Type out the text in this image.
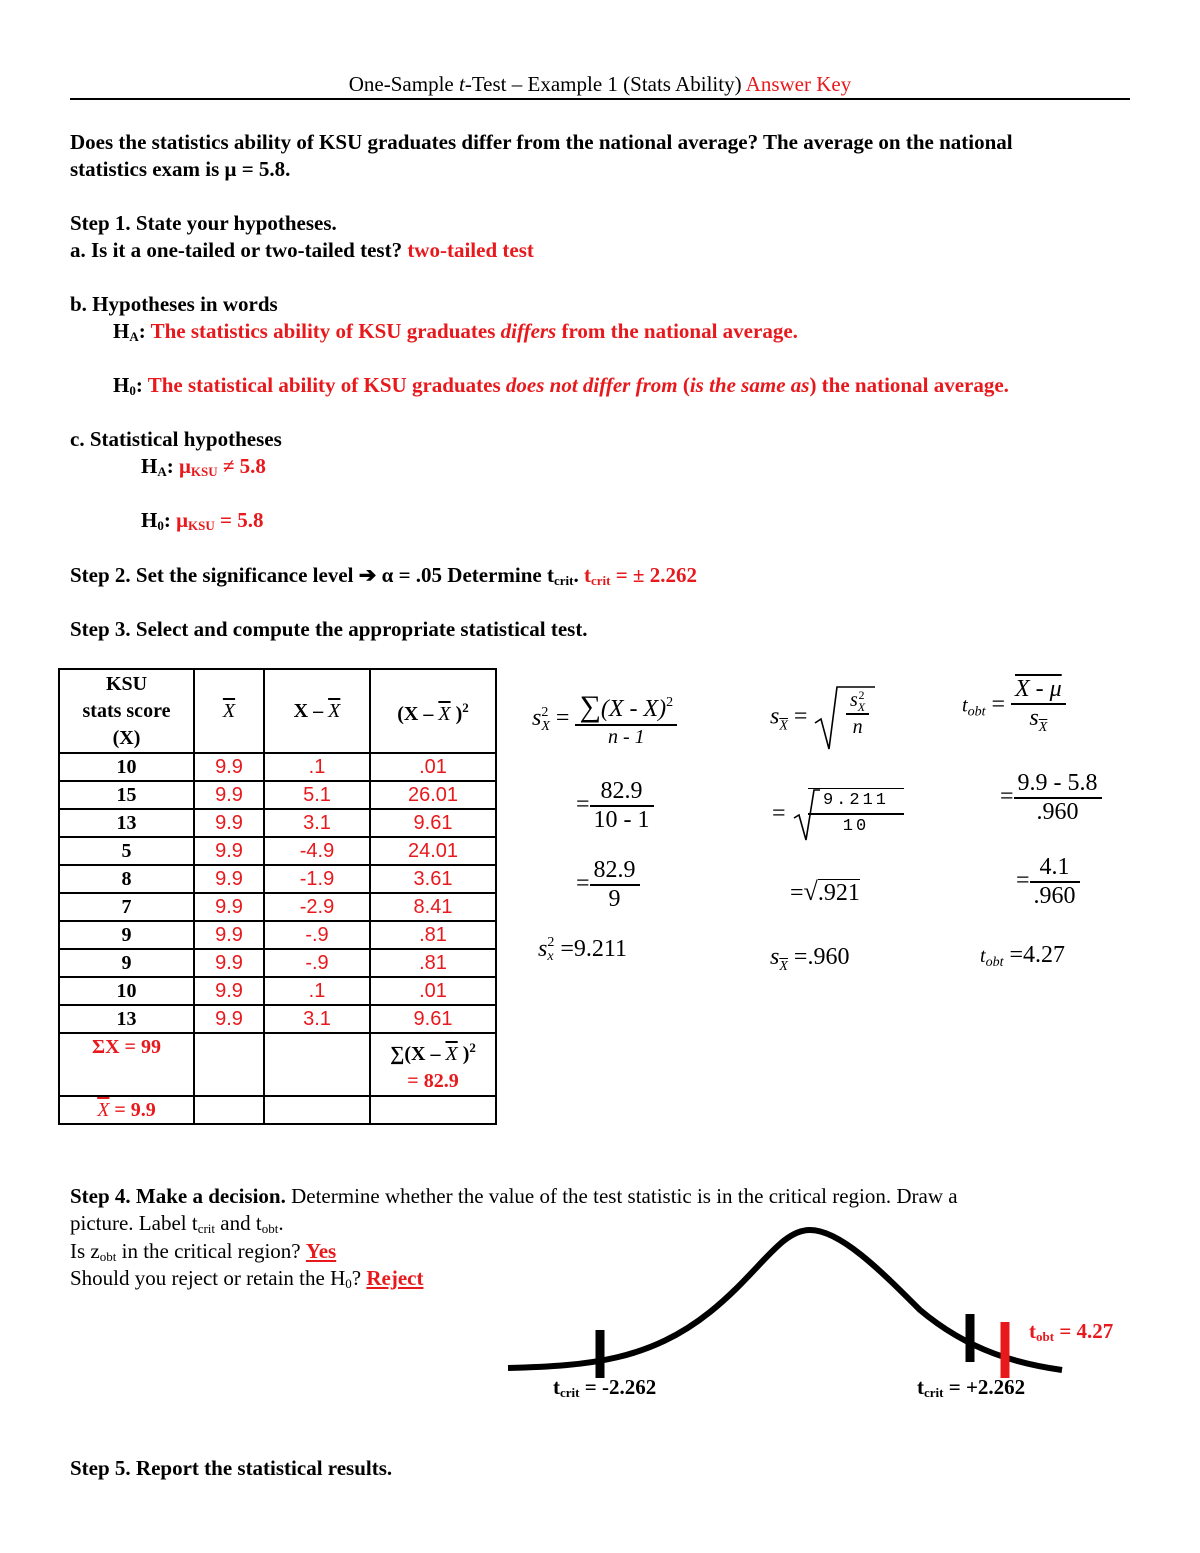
One-Sample t-Test – Example 1 (Stats Ability) Answer Key
Does the statistics ability of KSU graduates differ from the national average? The average on the national
statistics exam is μ = 5.8.
Step 1. State your hypotheses.
a. Is it a one-tailed or two-tailed test? two-tailed test
b. Hypotheses in words
$H_A$: The statistics ability of KSU graduates differs from the national average.
$H_0$: The statistical ability of KSU graduates does not differ from (is the same as) the national average.
c. Statistical hypotheses
$H_A$: $\mu_{KSU} \ne 5.8$
$H_0$: $\mu_{KSU} = 5.8$
Step 2. Set the significance level ➔ α = .05 Determine $t_{crit}$. $t_{crit}$ = ± 2.262
Step 3. Select and compute the appropriate statistical test.
KSU
stats score
(X)	$\overline{X}$	X – $\overline{X}$	($X - \overline{X}$ )$^2$
10	9.9	.1	.01
15	9.9	5.1	26.01
13	9.9	3.1	9.61
5	9.9	-4.9	24.01
8	9.9	-1.9	3.61
7	9.9	-2.9	8.41
9	9.9	-.9	.81
9	9.9	-.9	.81
10	9.9	.1	.01
13	9.9	3.1	9.61
ΣX = 99			$\sum(X - \overline{X}$ )$^2$
= 82.9
$\overline{X} = 9.9$			
s2
$X = \frac{\sum(X - X)^2}{n - 1}$
= $\frac{82.9}{10 - 1}$
= $\frac{82.9}{9}$
s2
x =9.211
$s_{\overline{X}}$ =
s2
X
n
=	$\frac{9.211}{10}$
=√.921
$s_{\overline{X}} =.960$
tobt = $\frac{X - \mu}{s_{\overline{X}}}$
= $\frac{9.9 - 5.8}{.960}$
= $\frac{4.1}{.960}$
tobt =4.27
Step 4. Make a decision. Determine whether the value of the test statistic is in the critical region. Draw a
picture. Label $t_{crit}$ and $t_{obt}$.
Is $z_{obt}$ in the critical region? Yes
Should you reject or retain the $H_0$? Reject
$t_{crit} = -2.262$	$t_{crit} = +2.262$
$t_{obt} = 4.27$
Step 5. Report the statistical results.
